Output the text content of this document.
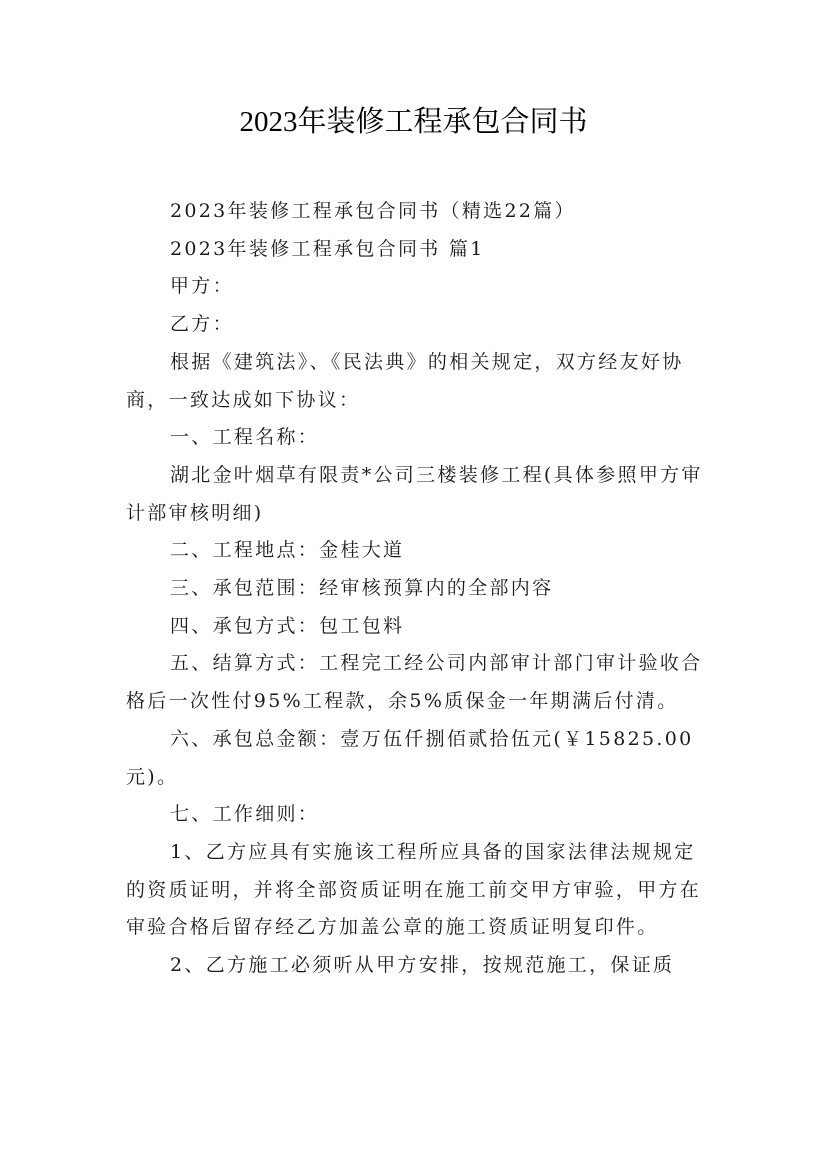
2023年装修工程承包合同书

2023年装修工程承包合同书（精选22篇）

2023年装修工程承包合同书 篇1

甲方：

乙方：

根据《建筑法》、《民法典》的相关规定，双方经友好协商，一致达成如下协议：

一、工程名称：

湖北金叶烟草有限责*公司三楼装修工程(具体参照甲方审计部审核明细)

二、工程地点：金桂大道

三、承包范围：经审核预算内的全部内容

四、承包方式：包工包料

五、结算方式：工程完工经公司内部审计部门审计验收合格后一次性付95%工程款，余5%质保金一年期满后付清。

六、承包总金额：壹万伍仟捌佰贰拾伍元(￥15825.00元)。

七、工作细则：

1、乙方应具有实施该工程所应具备的国家法律法规规定的资质证明，并将全部资质证明在施工前交甲方审验，甲方在审验合格后留存经乙方加盖公章的施工资质证明复印件。

2、乙方施工必须听从甲方安排，按规范施工，保证质
